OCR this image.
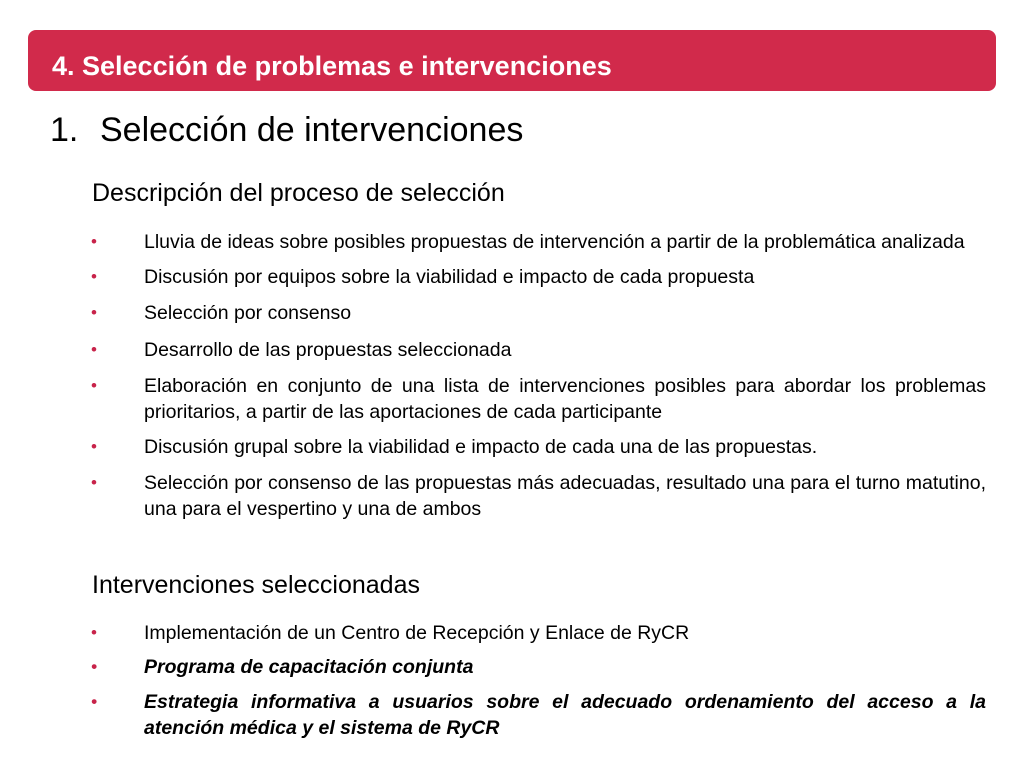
4. Selección de problemas e intervenciones
1. Selección de intervenciones
Descripción del proceso de selección
• Lluvia de ideas sobre posibles propuestas de intervención a partir de la problemática analizada
• Discusión por equipos sobre la viabilidad e impacto de cada propuesta
• Selección por consenso
• Desarrollo de las propuestas seleccionada
• Elaboración en conjunto de una lista de intervenciones posibles para abordar los problemas prioritarios, a partir de las aportaciones de cada participante
• Discusión grupal sobre la viabilidad e impacto de cada una de las propuestas.
• Selección por consenso de las propuestas más adecuadas, resultado una para el turno matutino, una para el vespertino y una de ambos
Intervenciones seleccionadas
• Implementación de un Centro de Recepción y Enlace de RyCR
• Programa de capacitación conjunta
• Estrategia informativa a usuarios sobre el adecuado ordenamiento del acceso a la atención médica y el sistema de RyCR
